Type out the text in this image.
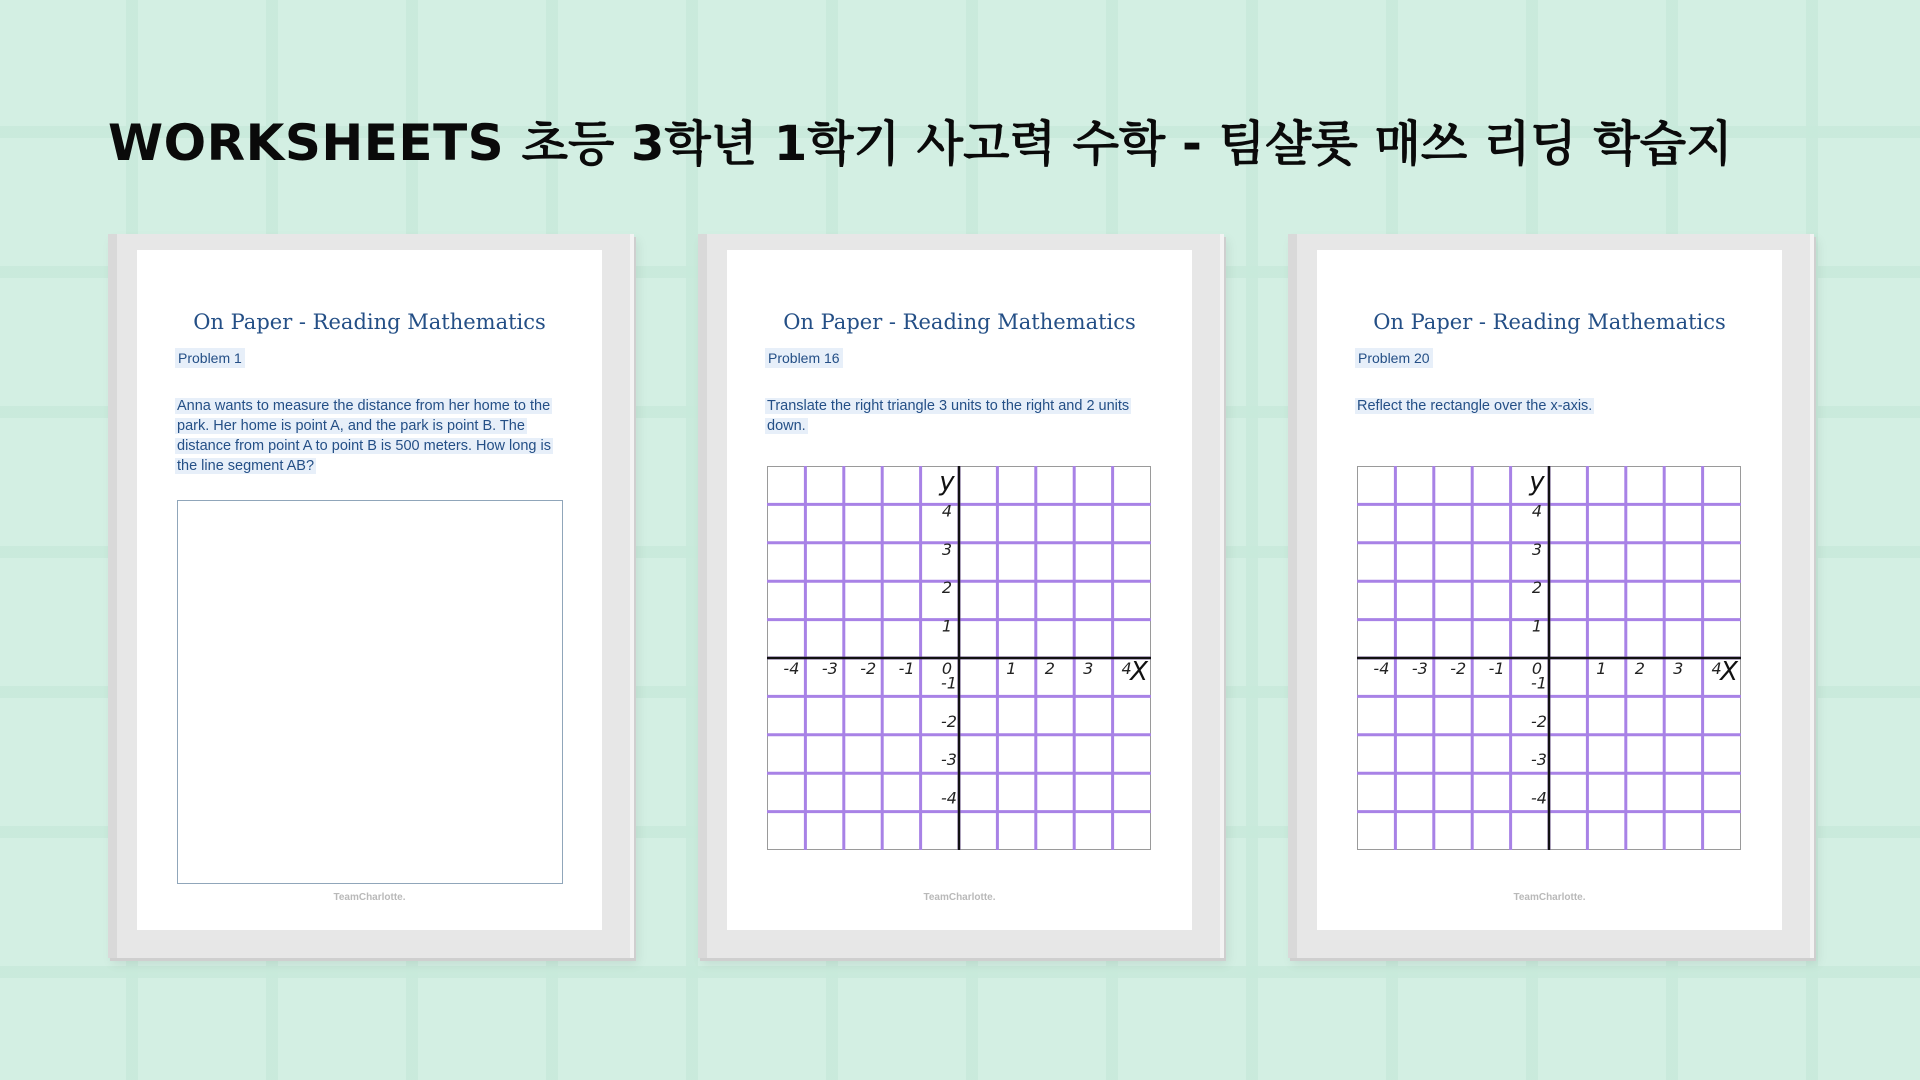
WORKSHEETS 초등 3학년 1학기 사고력 수학 - 팀샬롯 매쓰 리딩 학습지
On Paper - Reading Mathematics
Problem 1

Anna wants to measure the distance from her home to the park. Her home is point A, and the park is point B. The distance from point A to point B is 500 meters. How long is the line segment AB?

TeamCharlotte.
On Paper - Reading Mathematics
Problem 16

Translate the right triangle 3 units to the right and 2 units down.

-4 -3 -2 -1 0	1 2 3 4
4
3
2
1
-1
-2
-3
-4
X
y
TeamCharlotte.
On Paper - Reading Mathematics
Problem 20

Reflect the rectangle over the x-axis.

-4 -3 -2 -1 0	1 2 3 4
4
3
2
1
-1
-2
-3
-4
X
y
TeamCharlotte.
